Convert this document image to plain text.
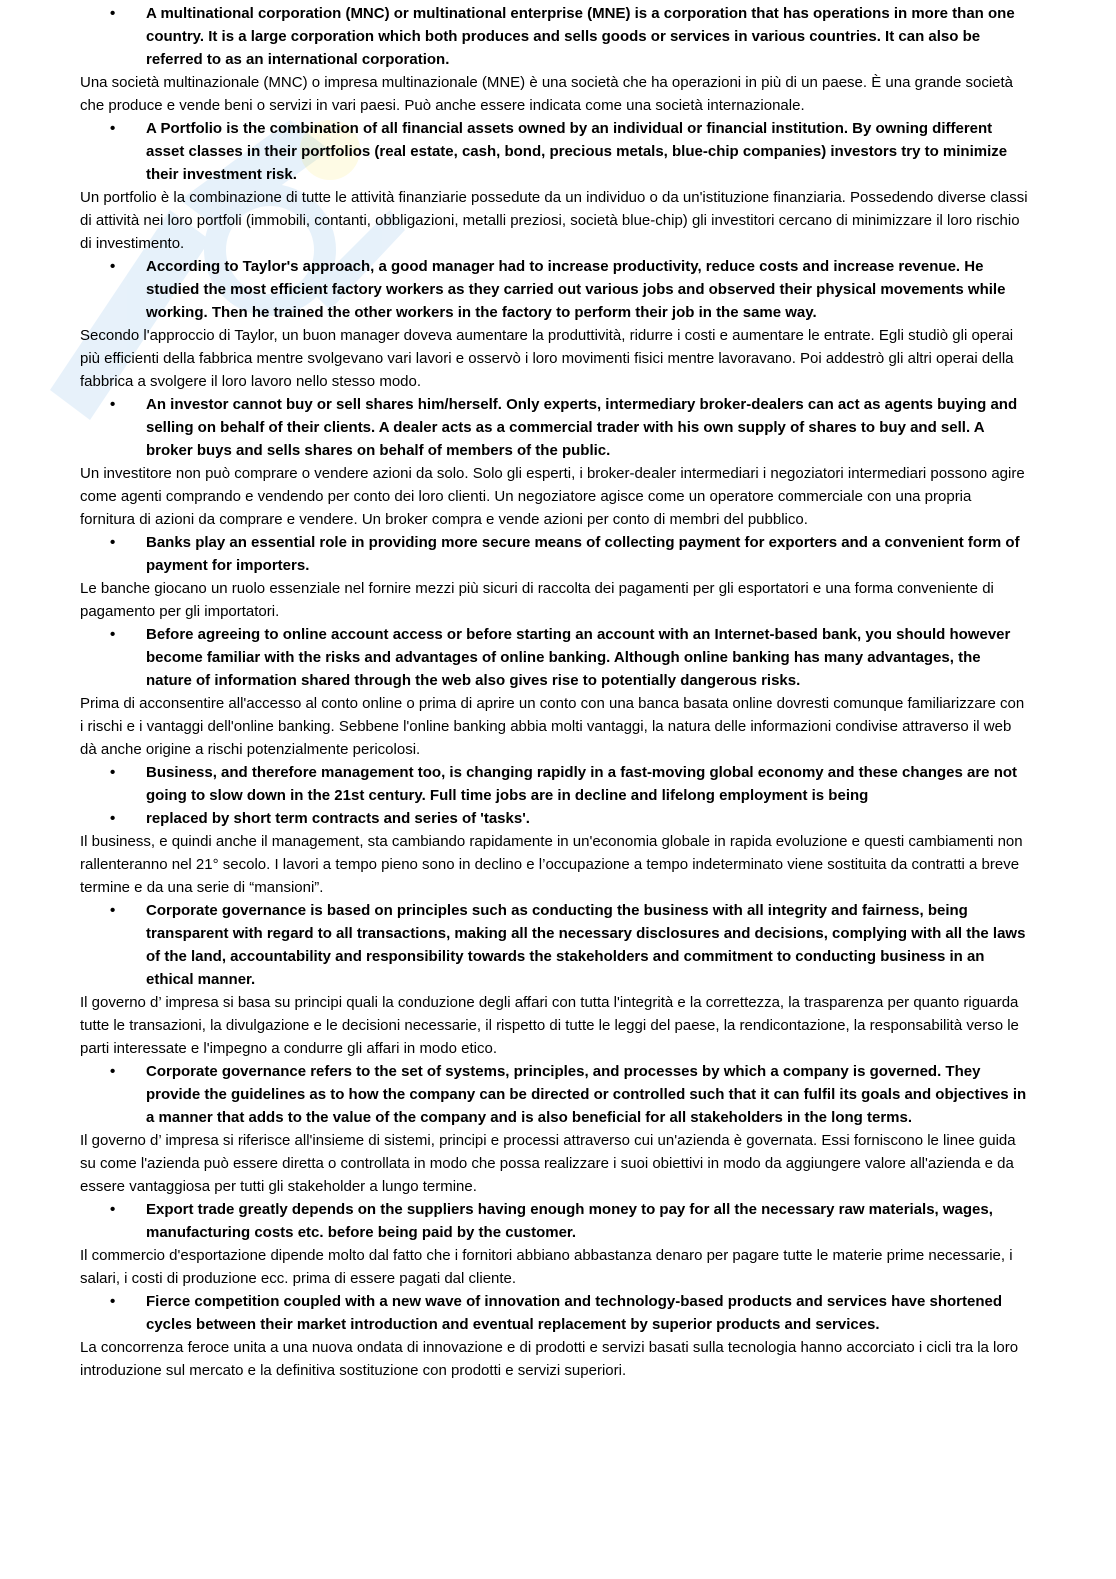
•	A multinational corporation (MNC) or multinational enterprise (MNE) is a corporation that has operations in more than one country. It is a large corporation which both produces and sells goods or services in various countries. It can also be referred to as an international corporation.

Una società multinazionale (MNC) o impresa multinazionale (MNE) è una società che ha operazioni in più di un paese. È una grande società che produce e vende beni o servizi in vari paesi. Può anche essere indicata come una società internazionale.

•	A Portfolio is the combination of all financial assets owned by an individual or financial institution. By owning different asset classes in their portfolios (real estate, cash, bond, precious metals, blue-chip companies) investors try to minimize their investment risk.

Un portfolio è la combinazione di tutte le attività finanziarie possedute da un individuo o da un'istituzione finanziaria. Possedendo diverse classi di attività nei loro portfoli (immobili, contanti, obbligazioni, metalli preziosi, società blue-chip) gli investitori cercano di minimizzare il loro rischio di investimento.

•	According to Taylor's approach, a good manager had to increase productivity, reduce costs and increase revenue. He studied the most efficient factory workers as they carried out various jobs and observed their physical movements while working. Then he trained the other workers in the factory to perform their job in the same way.

Secondo l'approccio di Taylor, un buon manager doveva aumentare la produttività, ridurre i costi e aumentare le entrate. Egli studiò gli operai più efficienti della fabbrica mentre svolgevano vari lavori e osservò i loro movimenti fisici mentre lavoravano. Poi addestrò gli altri operai della fabbrica a svolgere il loro lavoro nello stesso modo.

•	An investor cannot buy or sell shares him/herself. Only experts, intermediary broker-dealers can act as agents buying and selling on behalf of their clients. A dealer acts as a commercial trader with his own supply of shares to buy and sell. A broker buys and sells shares on behalf of members of the public.

Un investitore non può comprare o vendere azioni da solo. Solo gli esperti, i broker-dealer intermediari i negoziatori intermediari possono agire come agenti comprando e vendendo per conto dei loro clienti. Un negoziatore agisce come un operatore commerciale con una propria fornitura di azioni da comprare e vendere. Un broker compra e vende azioni per conto di membri del pubblico.

•	Banks play an essential role in providing more secure means of collecting payment for exporters and a convenient form of payment for importers.

Le banche giocano un ruolo essenziale nel fornire mezzi più sicuri di raccolta dei pagamenti per gli esportatori e una forma conveniente di pagamento per gli importatori.

•	Before agreeing to online account access or before starting an account with an Internet-based bank, you should however become familiar with the risks and advantages of online banking. Although online banking has many advantages, the nature of information shared through the web also gives rise to potentially dangerous risks.

Prima di acconsentire all'accesso al conto online o prima di aprire un conto con una banca basata online dovresti comunque familiarizzare con i rischi e i vantaggi dell'online banking. Sebbene l'online banking abbia molti vantaggi, la natura delle informazioni condivise attraverso il web dà anche origine a rischi potenzialmente pericolosi.

•	Business, and therefore management too, is changing rapidly in a fast-moving global economy and these changes are not going to slow down in the 21st century. Full time jobs are in decline and lifelong employment is being

•	replaced by short term contracts and series of 'tasks'.

Il business, e quindi anche il management, sta cambiando rapidamente in un'economia globale in rapida evoluzione e questi cambiamenti non rallenteranno nel 21° secolo. I lavori a tempo pieno sono in declino e l’occupazione a tempo indeterminato viene sostituita da contratti a breve termine e da una serie di “mansioni”.

•	Corporate governance is based on principles such as conducting the business with all integrity and fairness, being transparent with regard to all transactions, making all the necessary disclosures and decisions, complying with all the laws of the land, accountability and responsibility towards the stakeholders and commitment to conducting business in an ethical manner.

Il governo d’ impresa si basa su principi quali la conduzione degli affari con tutta l'integrità e la correttezza, la trasparenza per quanto riguarda tutte le transazioni, la divulgazione e le decisioni necessarie, il rispetto di tutte le leggi del paese, la rendicontazione, la responsabilità verso le parti interessate e l'impegno a condurre gli affari in modo etico.

•	Corporate governance refers to the set of systems, principles, and processes by which a company is governed. They provide the guidelines as to how the company can be directed or controlled such that it can fulfil its goals and objectives in a manner that adds to the value of the company and is also beneficial for all stakeholders in the long terms.

Il governo d’ impresa si riferisce all'insieme di sistemi, principi e processi attraverso cui un'azienda è governata. Essi forniscono le linee guida su come l'azienda può essere diretta o controllata in modo che possa realizzare i suoi obiettivi in modo da aggiungere valore all'azienda e da essere vantaggiosa per tutti gli stakeholder a lungo termine.

•	Export trade greatly depends on the suppliers having enough money to pay for all the necessary raw materials, wages, manufacturing costs etc. before being paid by the customer.

Il commercio d'esportazione dipende molto dal fatto che i fornitori abbiano abbastanza denaro per pagare tutte le materie prime necessarie, i salari, i costi di produzione ecc. prima di essere pagati dal cliente.

•	Fierce competition coupled with a new wave of innovation and technology-based products and services have shortened cycles between their market introduction and eventual replacement by superior products and services.

La concorrenza feroce unita a una nuova ondata di innovazione e di prodotti e servizi basati sulla tecnologia hanno accorciato i cicli tra la loro introduzione sul mercato e la definitiva sostituzione con prodotti e servizi superiori.
